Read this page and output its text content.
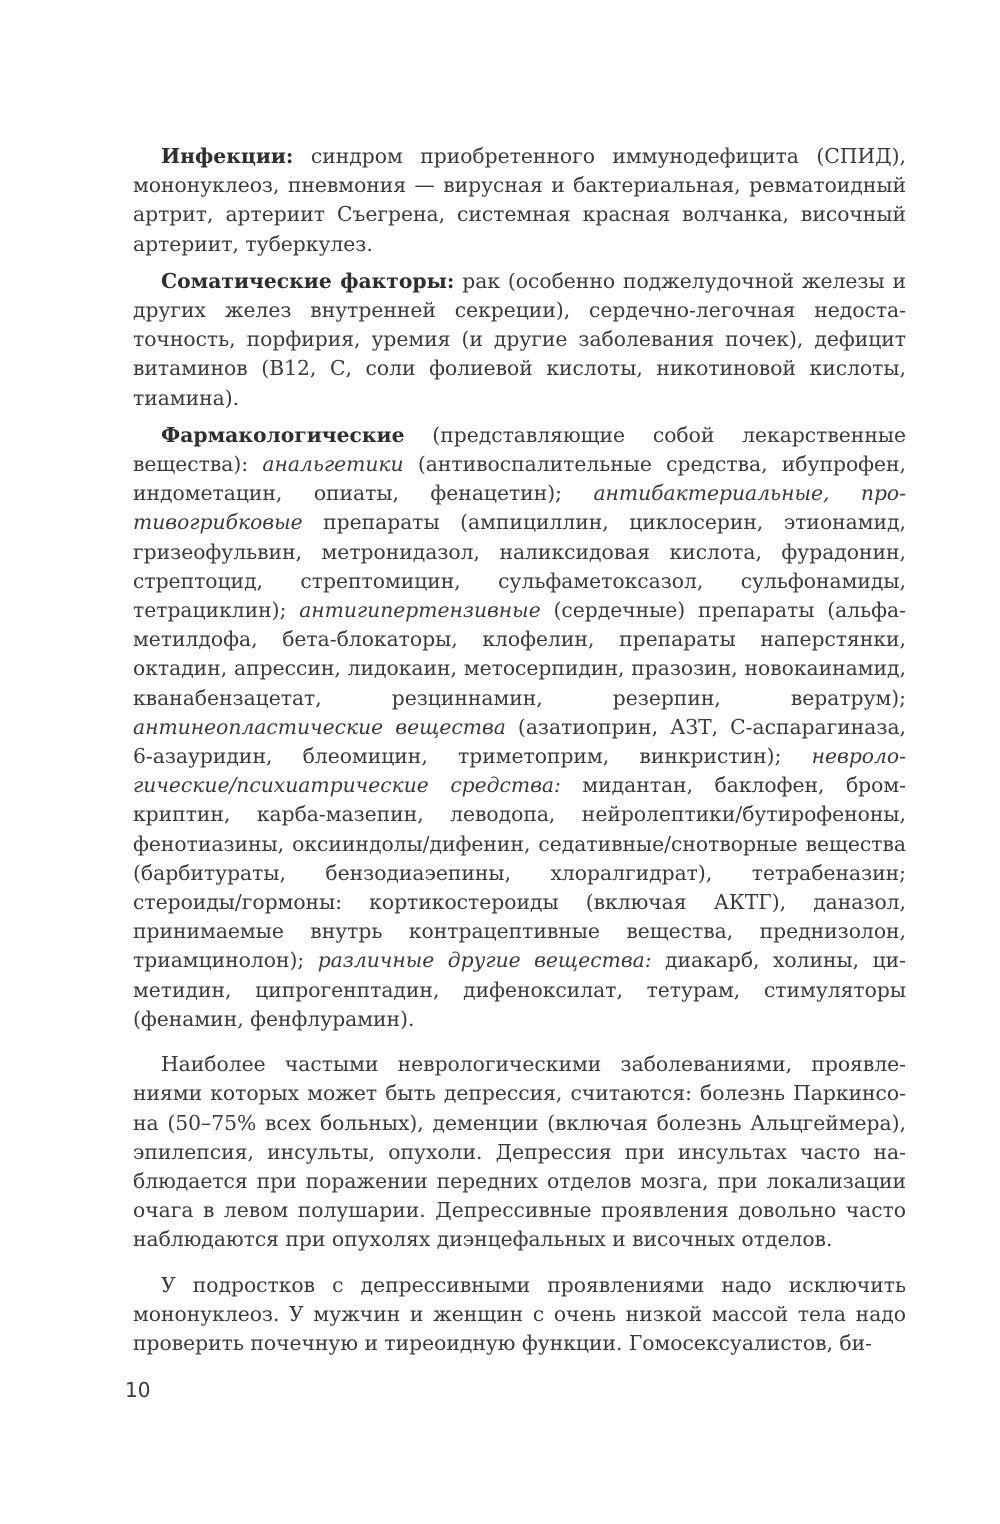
Инфекции: синдром приобретенного иммунодефицита (СПИД), мононуклеоз, пневмония — вирусная и бактериальная, ревматоидный артрит, артериит Съегрена, системная красная волчанка, височный артериит, туберкулез.

Соматические факторы: рак (особенно поджелудочной железы и других желез внутренней секреции), сердечно-легочная недостаточность, порфирия, уремия (и другие заболевания почек), дефицит витаминов (В12, С, соли фолиевой кислоты, никотиновой кислоты, тиамина).

Фармакологические (представляющие собой лекарственные вещества): анальгетики (антивоспалительные средства, ибупрофен, индометацин, опиаты, фенацетин); антибактериальные, противогрибковые препараты (ампициллин, циклосерин, этионамид, гризеофульвин, метронидазол, наликсидовая кислота, фурадонин, стрептоцид, стрептомицин, сульфаметоксазол, сульфонамиды, тетрациклин); антигипертензивные (сердечные) препараты (альфа-метилдофа, бета-блокаторы, клофелин, препараты наперстянки, октадин, апрессин, лидокаин, метосерпидин, празозин, новокаинамид, кванабензацетат, резциннамин, резерпин, вератрум); антинеопластические вещества (азатиоприн, АЗТ, С-аспарагиназа, 6-азауридин, блеомицин, триметоприм, винкристин); неврологические/психиатрические средства: мидантан, баклофен, бромкриптин, карба-мазепин, леводопа, нейролептики/бутирофеноны, фенотиазины, оксииндолы/дифенин, седативные/снотворные вещества (барбитураты, бензодиаэепины, хлоралгидрат), тетрабеназин; стероиды/гормоны: кортикостероиды (включая АКТГ), даназол, принимаемые внутрь контрацептивные вещества, преднизолон, триамцинолон); различные другие вещества: диакарб, холины, циметидин, ципрогенптадин, дифеноксилат, тетурам, стимуляторы (фенамин, фенфлурамин).

Наиболее частыми неврологическими заболеваниями, проявлениями которых может быть депрессия, считаются: болезнь Паркинсона (50–75% всех больных), деменции (включая болезнь Альцгеймера), эпилепсия, инсульты, опухоли. Депрессия при инсультах часто наблюдается при поражении передних отделов мозга, при локализации очага в левом полушарии. Депрессивные проявления довольно часто наблюдаются при опухолях диэнцефальных и височных отделов.

У подростков с депрессивными проявлениями надо исключить мононуклеоз. У мужчин и женщин с очень низкой массой тела надо проверить почечную и тиреоидную функции. Гомосексуалистов, би-

10
